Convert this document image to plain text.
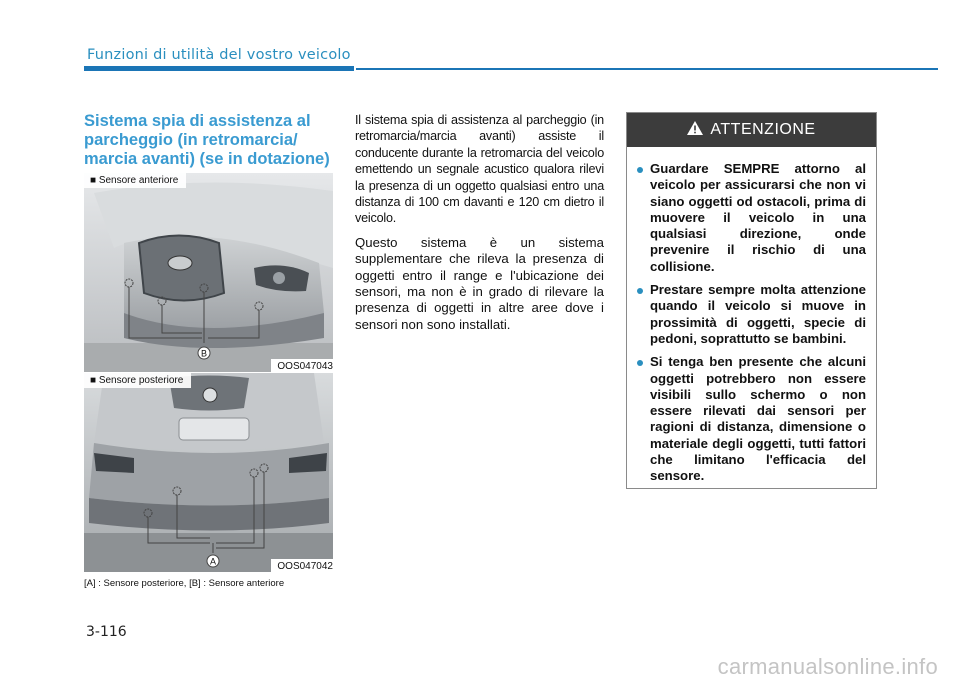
Funzioni di utilità del vostro veicolo
Sistema spia di assistenza al parcheggio (in retromarcia/ marcia avanti) (se in dotazione)
B
■ Sensore anteriore
OOS047043
A
■ Sensore posteriore
OOS047042
[A] : Sensore posteriore, [B] : Sensore anteriore

Il sistema spia di assistenza al parcheggio (in retromarcia/marcia avanti) assiste il conducente durante la retromarcia del veicolo emettendo un segnale acustico qualora rilevi la presenza di un oggetto qualsiasi entro una distanza di 100 cm davanti e 120 cm dietro il veicolo.

Questo sistema è un sistema supplementare che rileva la presenza di oggetti entro il range e l'ubicazione dei sensori, ma non è in grado di rilevare la presenza di oggetti in altre aree dove i sensori non sono installati.

ATTENZIONE
Guardare SEMPRE attorno al veicolo per assicurarsi che non vi siano oggetti od ostacoli, prima di muovere il veicolo in una qualsiasi direzione, onde prevenire il rischio di una collisione.
Prestare sempre molta attenzione quando il veicolo si muove in prossimità di oggetti, specie di pedoni, soprattutto se bambini.
Si tenga ben presente che alcuni oggetti potrebbero non essere visibili sullo schermo o non essere rilevati dai sensori per ragioni di distanza, dimensione o materiale degli oggetti, tutti fattori che limitano l'efficacia del sensore.
3-116
carmanualsonline.info
